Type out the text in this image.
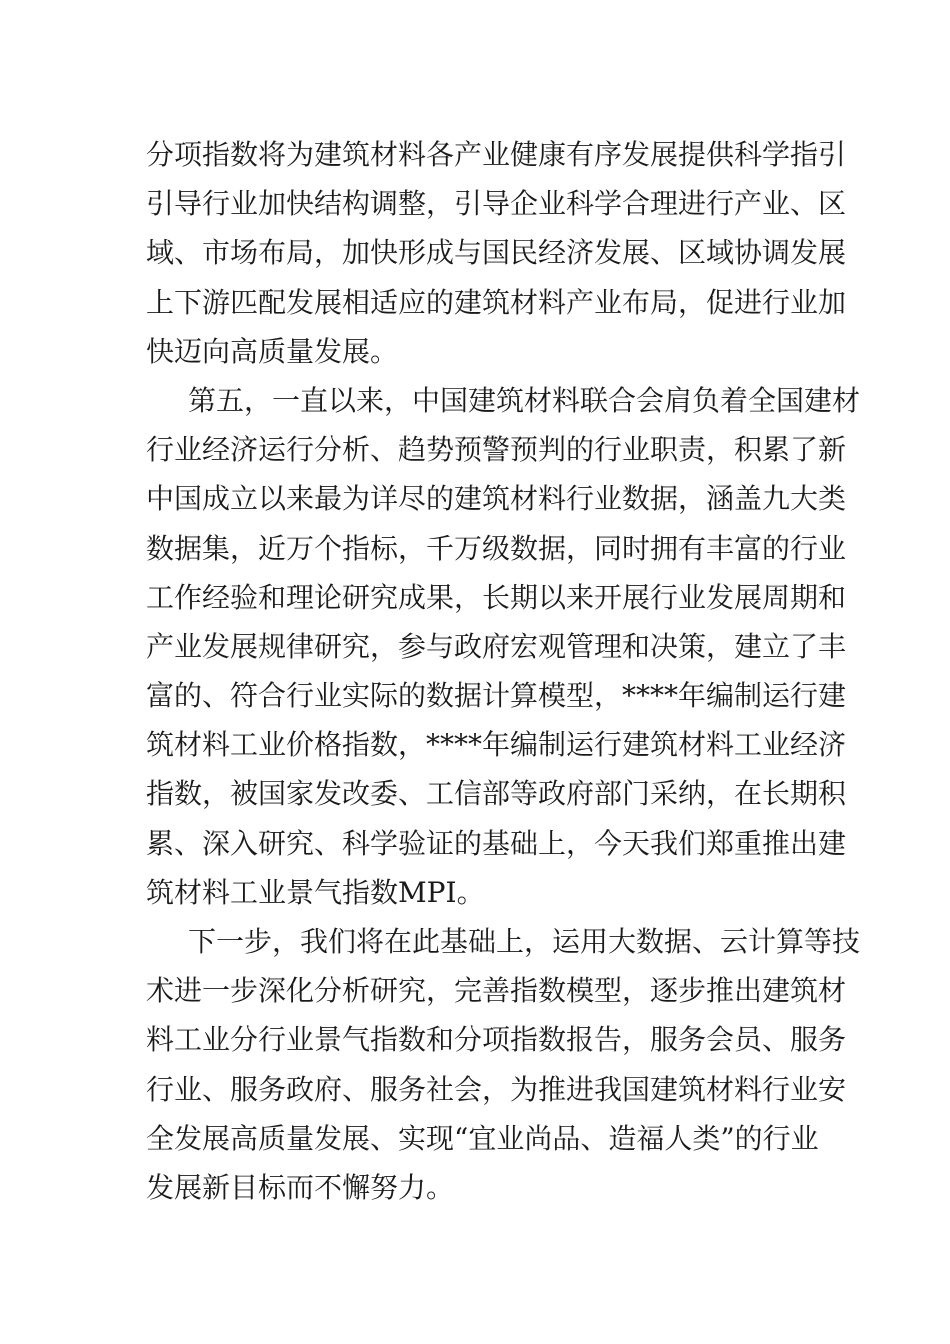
分项指数将为建筑材料各产业健康有序发展提供科学指引
引导行业加快结构调整，引导企业科学合理进行产业、区
域、市场布局，加快形成与国民经济发展、区域协调发展
上下游匹配发展相适应的建筑材料产业布局，促进行业加
快迈向高质量发展。
第五，一直以来，中国建筑材料联合会肩负着全国建材
行业经济运行分析、趋势预警预判的行业职责，积累了新
中国成立以来最为详尽的建筑材料行业数据，涵盖九大类
数据集，近万个指标，千万级数据，同时拥有丰富的行业
工作经验和理论研究成果，长期以来开展行业发展周期和
产业发展规律研究，参与政府宏观管理和决策，建立了丰
富的、符合行业实际的数据计算模型，****年编制运行建
筑材料工业价格指数，****年编制运行建筑材料工业经济
指数，被国家发改委、工信部等政府部门采纳，在长期积
累、深入研究、科学验证的基础上，今天我们郑重推出建
筑材料工业景气指数MPI。
下一步，我们将在此基础上，运用大数据、云计算等技
术进一步深化分析研究，完善指数模型，逐步推出建筑材
料工业分行业景气指数和分项指数报告，服务会员、服务
行业、服务政府、服务社会，为推进我国建筑材料行业安
全发展高质量发展、实现“宜业尚品、造福人类”的行业
发展新目标而不懈努力。
